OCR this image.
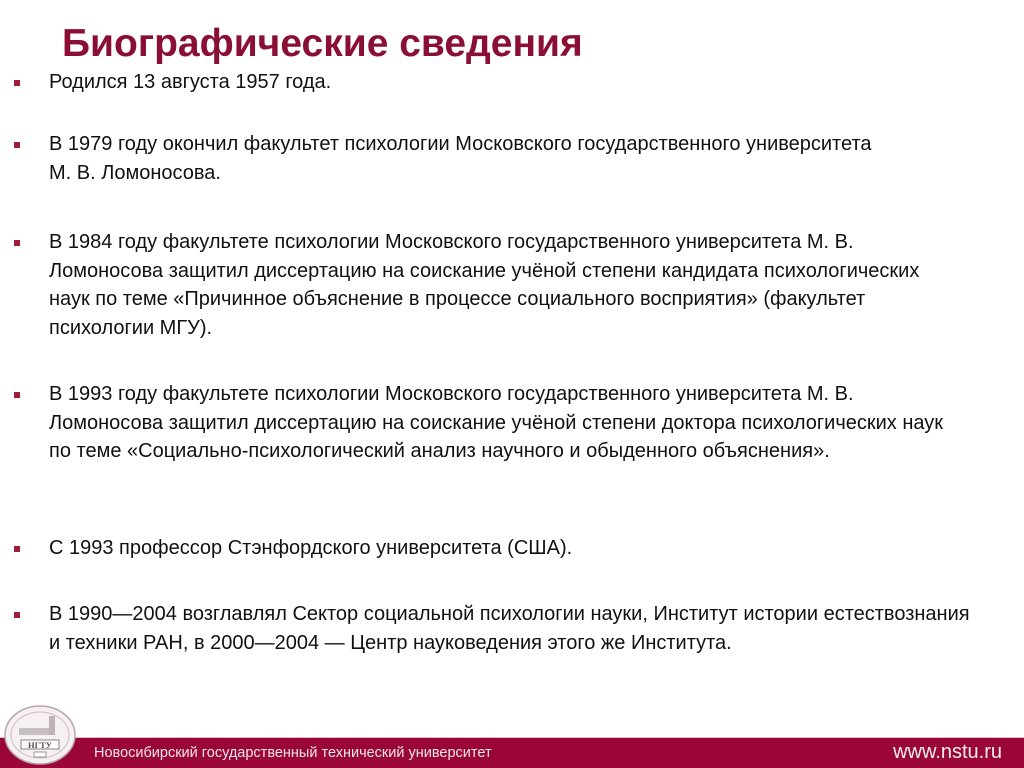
Биографические сведения
Родился 13 августа 1957 года.
В 1979 году окончил факультет психологии Московского государственного университета М. В. Ломоносова.
В 1984 году факультете психологии Московского государственного университета М. В. Ломоносова защитил диссертацию на соискание учёной степени кандидата психологических наук по теме «Причинное объяснение в процессе социального восприятия» (факультет психологии МГУ).
В 1993 году факультете психологии Московского государственного университета М. В. Ломоносова защитил диссертацию на соискание учёной степени доктора психологических наук по теме «Социально-психологический анализ научного и обыденного объяснения».
С 1993 профессор Стэнфордского университета (США).
В 1990—2004 возглавлял Сектор социальной психологии науки, Институт истории естествознания и техники РАН, в 2000—2004 — Центр науковедения этого же Института.
Новосибирский государственный технический университет	www.nstu.ru
НГТУ
